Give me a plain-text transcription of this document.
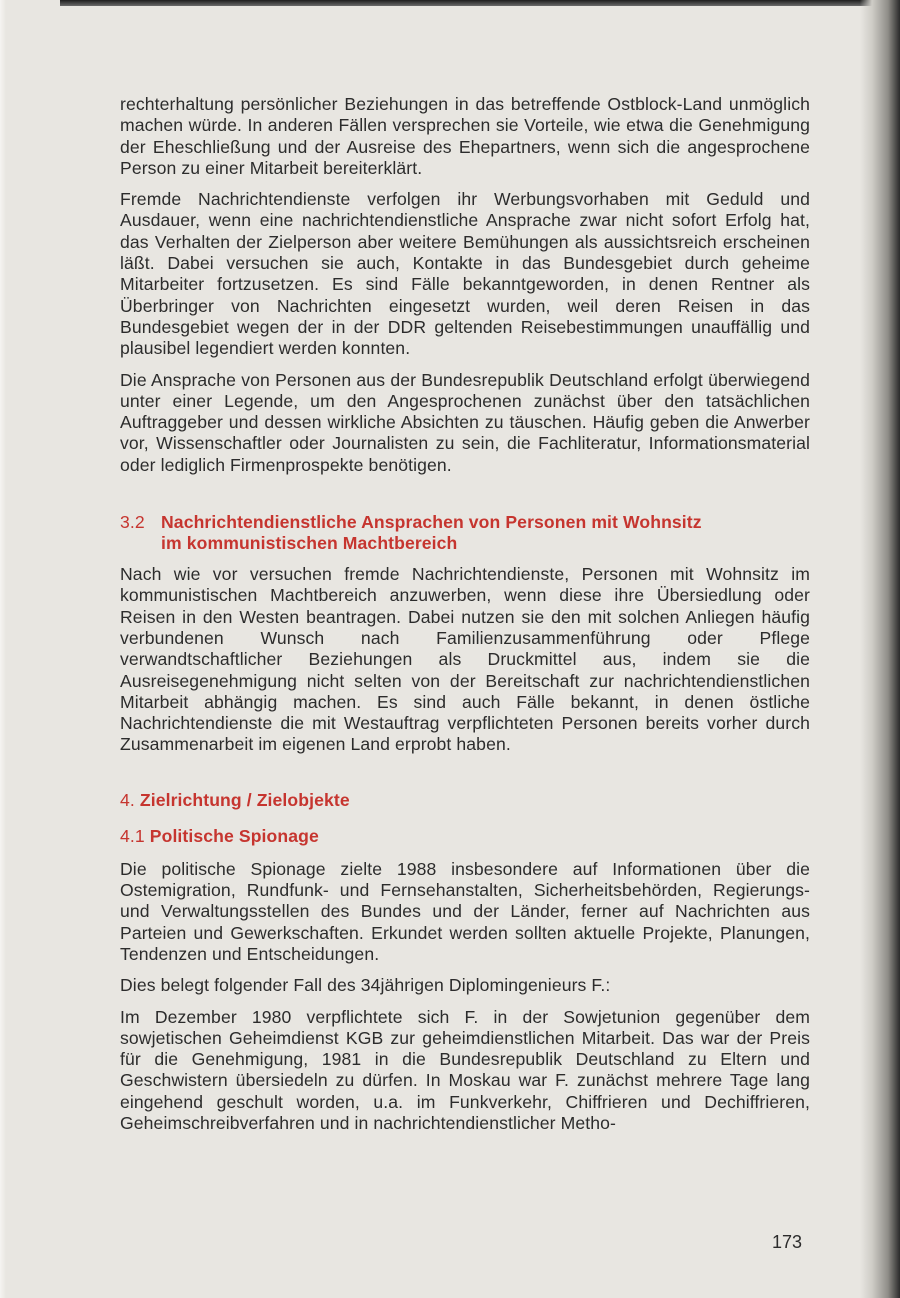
rechterhaltung persönlicher Beziehungen in das betreffende Ostblock-Land unmöglich machen würde. In anderen Fällen versprechen sie Vorteile, wie etwa die Genehmigung der Eheschließung und der Ausreise des Ehepartners, wenn sich die angesprochene Person zu einer Mitarbeit bereiterklärt.

Fremde Nachrichtendienste verfolgen ihr Werbungsvorhaben mit Geduld und Ausdauer, wenn eine nachrichtendienstliche Ansprache zwar nicht sofort Erfolg hat, das Verhalten der Zielperson aber weitere Bemühungen als aussichtsreich erscheinen läßt. Dabei versuchen sie auch, Kontakte in das Bundesgebiet durch geheime Mitarbeiter fortzusetzen. Es sind Fälle bekanntgeworden, in denen Rentner als Überbringer von Nachrichten eingesetzt wurden, weil deren Reisen in das Bundesgebiet wegen der in der DDR geltenden Reisebestimmungen unauffällig und plausibel legendiert werden konnten.

Die Ansprache von Personen aus der Bundesrepublik Deutschland erfolgt überwiegend unter einer Legende, um den Angesprochenen zunächst über den tatsächlichen Auftraggeber und dessen wirkliche Absichten zu täuschen. Häufig geben die Anwerber vor, Wissenschaftler oder Journalisten zu sein, die Fachliteratur, Informationsmaterial oder lediglich Firmenprospekte benötigen.

3.2 Nachrichtendienstliche Ansprachen von Personen mit Wohnsitz
im kommunistischen Machtbereich

Nach wie vor versuchen fremde Nachrichtendienste, Personen mit Wohnsitz im kommunistischen Machtbereich anzuwerben, wenn diese ihre Übersiedlung oder Reisen in den Westen beantragen. Dabei nutzen sie den mit solchen Anliegen häufig verbundenen Wunsch nach Familienzusammenführung oder Pflege verwandtschaftlicher Beziehungen als Druckmittel aus, indem sie die Ausreisegenehmigung nicht selten von der Bereitschaft zur nachrichtendienstlichen Mitarbeit abhängig machen. Es sind auch Fälle bekannt, in denen östliche Nachrichtendienste die mit Westauftrag verpflichteten Personen bereits vorher durch Zusammenarbeit im eigenen Land erprobt haben.

4. Zielrichtung / Zielobjekte
4.1 Politische Spionage

Die politische Spionage zielte 1988 insbesondere auf Informationen über die Ostemigration, Rundfunk- und Fernsehanstalten, Sicherheitsbehörden, Regierungs- und Verwaltungsstellen des Bundes und der Länder, ferner auf Nachrichten aus Parteien und Gewerkschaften. Erkundet werden sollten aktuelle Projekte, Planungen, Tendenzen und Entscheidungen.

Dies belegt folgender Fall des 34jährigen Diplomingenieurs F.:

Im Dezember 1980 verpflichtete sich F. in der Sowjetunion gegenüber dem sowjetischen Geheimdienst KGB zur geheimdienstlichen Mitarbeit. Das war der Preis für die Genehmigung, 1981 in die Bundesrepublik Deutschland zu Eltern und Geschwistern übersiedeln zu dürfen. In Moskau war F. zunächst mehrere Tage lang eingehend geschult worden, u.a. im Funkverkehr, Chiffrieren und Dechiffrieren, Geheimschreibverfahren und in nachrichtendienstlicher Metho-

173
